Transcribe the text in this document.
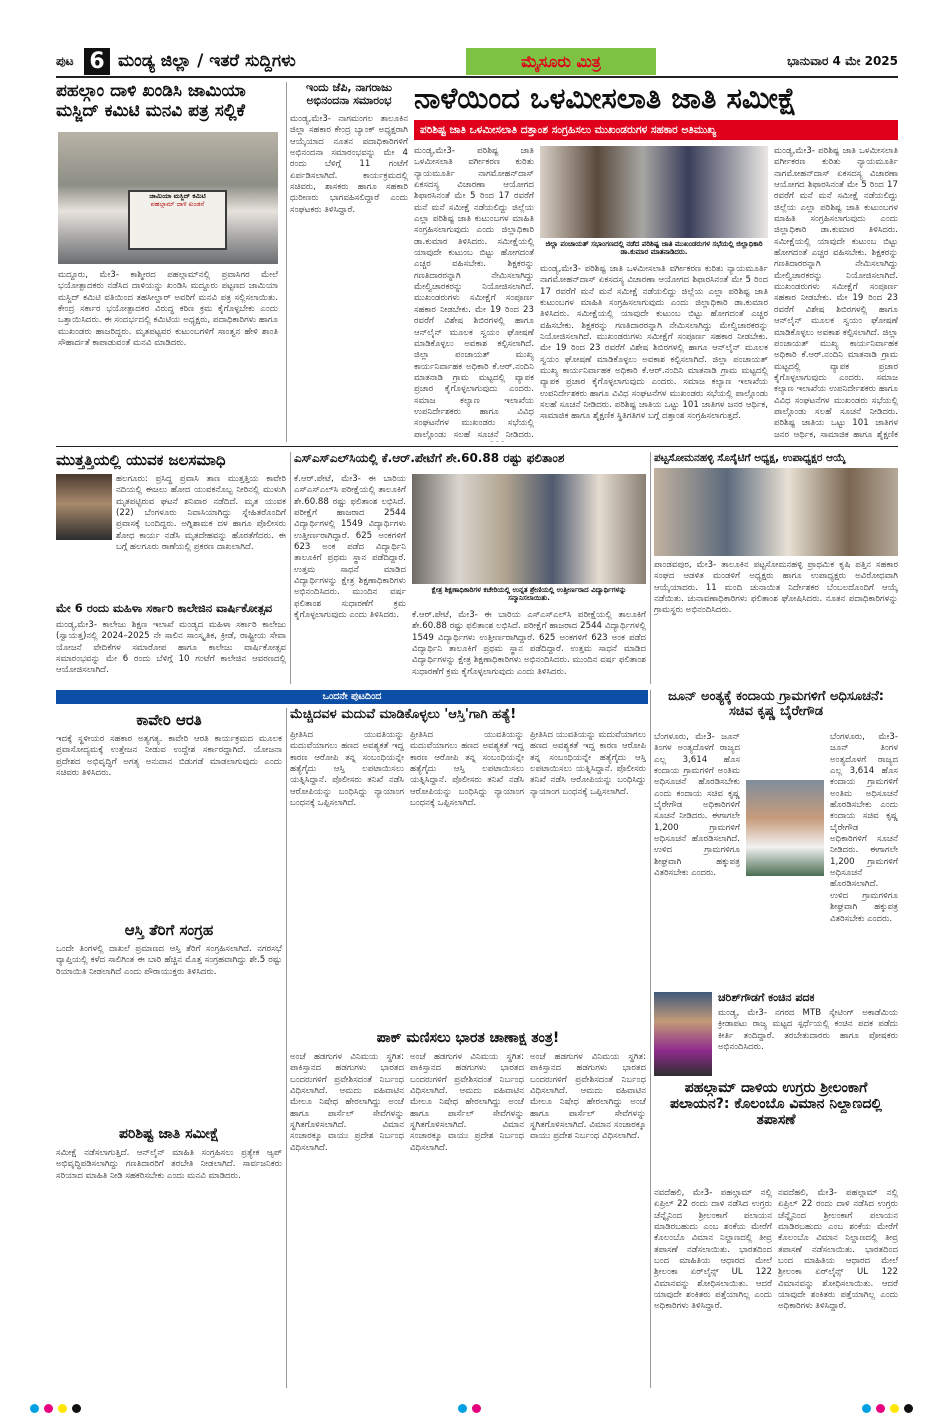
ಪುಟ 6 ಮಂಡ್ಯ ಜಿಲ್ಲಾ / ಇತರೆ ಸುದ್ದಿಗಳು	ಮೈಸೂರು ಮಿತ್ರ	ಭಾನುವಾರ 4 ಮೇ 2025
ಪಹಲ್ಗಾಂ ದಾಳಿ ಖಂಡಿಸಿ ಜಾಮಿಯಾ ಮಸ್ಜಿದ್ ಕಮಿಟಿ ಮನವಿ ಪತ್ರ ಸಲ್ಲಿಕೆ
ಜಾಮಿಯಾ ಮಸ್ಜಿದ್ ಕಮಿಟಿ
ಪಹಲ್ಗಾಮ್ ದಾಳಿ ಖಂಡನೆ
ಮದ್ದೂರು, ಮೇ3- ಕಾಶ್ಮೀರದ ಪಹಲ್ಗಾಮ್‌ನಲ್ಲಿ ಪ್ರವಾಸಿಗರ ಮೇಲೆ ಭಯೋತ್ಪಾದಕರು ನಡೆಸಿದ ದಾಳಿಯನ್ನು ಖಂಡಿಸಿ ಮದ್ದೂರು ಪಟ್ಟಣದ ಜಾಮಿಯಾ ಮಸ್ಜಿದ್ ಕಮಿಟಿ ವತಿಯಿಂದ ತಹಸೀಲ್ದಾರ್ ಅವರಿಗೆ ಮನವಿ ಪತ್ರ ಸಲ್ಲಿಸಲಾಯಿತು. ಕೇಂದ್ರ ಸರ್ಕಾರ ಭಯೋತ್ಪಾದಕರ ವಿರುದ್ಧ ಕಠಿಣ ಕ್ರಮ ಕೈಗೊಳ್ಳಬೇಕು ಎಂದು ಒತ್ತಾಯಿಸಿದರು. ಈ ಸಂದರ್ಭದಲ್ಲಿ ಕಮಿಟಿಯ ಅಧ್ಯಕ್ಷರು, ಪದಾಧಿಕಾರಿಗಳು ಹಾಗೂ ಮುಖಂಡರು ಹಾಜರಿದ್ದರು. ಮೃತಪಟ್ಟವರ ಕುಟುಂಬಗಳಿಗೆ ಸಾಂತ್ವನ ಹೇಳಿ ಶಾಂತಿ ಸೌಹಾರ್ದತೆ ಕಾಪಾಡುವಂತೆ ಮನವಿ ಮಾಡಿದರು.
ಇಂದು ಜೆಪಿ, ನಾಗರಾಜು ಅಭಿನಂದನಾ ಸಮಾರಂಭ
ಮಂಡ್ಯ,ಮೇ3- ನಾಗಮಂಗಲ ತಾಲೂಕಿನ ಜಿಲ್ಲಾ ಸಹಕಾರ ಕೇಂದ್ರ ಬ್ಯಾಂಕ್ ಅಧ್ಯಕ್ಷರಾಗಿ ಆಯ್ಕೆಯಾದ ನೂತನ ಪದಾಧಿಕಾರಿಗಳಿಗೆ ಅಭಿನಂದನಾ ಸಮಾರಂಭವನ್ನು ಮೇ 4 ರಂದು ಬೆಳಿಗ್ಗೆ 11 ಗಂಟೆಗೆ ಏರ್ಪಡಿಸಲಾಗಿದೆ. ಕಾರ್ಯಕ್ರಮದಲ್ಲಿ ಸಚಿವರು, ಶಾಸಕರು ಹಾಗೂ ಸಹಕಾರಿ ಧುರೀಣರು ಭಾಗವಹಿಸಲಿದ್ದಾರೆ ಎಂದು ಸಂಘಟಕರು ತಿಳಿಸಿದ್ದಾರೆ.
ನಾಳೆಯಿಂದ ಒಳಮೀಸಲಾತಿ ಜಾತಿ ಸಮೀಕ್ಷೆ
ಪರಿಶಿಷ್ಟ ಜಾತಿ ಒಳಮೀಸಲಾತಿ ದತ್ತಾಂಶ ಸಂಗ್ರಹಿಸಲು ಮುಖಂಡರುಗಳ ಸಹಕಾರ ಅತಿಮುಖ್ಯ
ಮಂಡ್ಯ,ಮೇ3- ಪರಿಶಿಷ್ಟ ಜಾತಿ ಒಳಮೀಸಲಾತಿ ವರ್ಗೀಕರಣ ಕುರಿತು ನ್ಯಾಯಮೂರ್ತಿ ನಾಗಮೋಹನ್‌ದಾಸ್ ಏಕಸದಸ್ಯ ವಿಚಾರಣಾ ಆಯೋಗದ ಶಿಫಾರಸಿನಂತೆ ಮೇ 5 ರಿಂದ 17 ರವರೆಗೆ ಮನೆ ಮನೆ ಸಮೀಕ್ಷೆ ನಡೆಯಲಿದ್ದು ಜಿಲ್ಲೆಯ ಎಲ್ಲಾ ಪರಿಶಿಷ್ಟ ಜಾತಿ ಕುಟುಂಬಗಳ ಮಾಹಿತಿ ಸಂಗ್ರಹಿಸಲಾಗುವುದು ಎಂದು ಜಿಲ್ಲಾಧಿಕಾರಿ ಡಾ.ಕುಮಾರ ತಿಳಿಸಿದರು. ಸಮೀಕ್ಷೆಯಲ್ಲಿ ಯಾವುದೇ ಕುಟುಂಬ ಬಿಟ್ಟು ಹೋಗದಂತೆ ಎಚ್ಚರ ವಹಿಸಬೇಕು. ಶಿಕ್ಷಕರನ್ನು ಗಣತಿದಾರರನ್ನಾಗಿ ನೇಮಿಸಲಾಗಿದ್ದು ಮೇಲ್ವಿಚಾರಕರನ್ನು ನಿಯೋಜಿಸಲಾಗಿದೆ. ಮುಖಂಡರುಗಳು ಸಮೀಕ್ಷೆಗೆ ಸಂಪೂರ್ಣ ಸಹಕಾರ ನೀಡಬೇಕು. ಮೇ 19 ರಿಂದ 23 ರವರೆಗೆ ವಿಶೇಷ ಶಿಬಿರಗಳಲ್ಲಿ ಹಾಗೂ ಆನ್‌ಲೈನ್ ಮೂಲಕ ಸ್ವಯಂ ಘೋಷಣೆ ಮಾಡಿಕೊಳ್ಳಲು ಅವಕಾಶ ಕಲ್ಪಿಸಲಾಗಿದೆ. ಜಿಲ್ಲಾ ಪಂಚಾಯತ್ ಮುಖ್ಯ ಕಾರ್ಯನಿರ್ವಾಹಕ ಅಧಿಕಾರಿ ಕೆ.ಆರ್.ನಂದಿನಿ ಮಾತನಾಡಿ ಗ್ರಾಮ ಮಟ್ಟದಲ್ಲಿ ವ್ಯಾಪಕ ಪ್ರಚಾರ ಕೈಗೊಳ್ಳಲಾಗುವುದು ಎಂದರು. ಸಮಾಜ ಕಲ್ಯಾಣ ಇಲಾಖೆಯ ಉಪನಿರ್ದೇಶಕರು ಹಾಗೂ ವಿವಿಧ ಸಂಘಟನೆಗಳ ಮುಖಂಡರು ಸಭೆಯಲ್ಲಿ ಪಾಲ್ಗೊಂಡು ಸಲಹೆ ಸೂಚನೆ ನೀಡಿದರು.
ಜಿಲ್ಲಾ ಪಂಚಾಯತ್ ಸಭಾಂಗಣದಲ್ಲಿ ನಡೆದ ಪರಿಶಿಷ್ಟ ಜಾತಿ ಮುಖಂಡರುಗಳ ಸಭೆಯಲ್ಲಿ ಜಿಲ್ಲಾಧಿಕಾರಿ ಡಾ.ಕುಮಾರ ಮಾತನಾಡಿದರು.
ಮಂಡ್ಯ,ಮೇ3- ಪರಿಶಿಷ್ಟ ಜಾತಿ ಒಳಮೀಸಲಾತಿ ವರ್ಗೀಕರಣ ಕುರಿತು ನ್ಯಾಯಮೂರ್ತಿ ನಾಗಮೋಹನ್‌ದಾಸ್ ಏಕಸದಸ್ಯ ವಿಚಾರಣಾ ಆಯೋಗದ ಶಿಫಾರಸಿನಂತೆ ಮೇ 5 ರಿಂದ 17 ರವರೆಗೆ ಮನೆ ಮನೆ ಸಮೀಕ್ಷೆ ನಡೆಯಲಿದ್ದು ಜಿಲ್ಲೆಯ ಎಲ್ಲಾ ಪರಿಶಿಷ್ಟ ಜಾತಿ ಕುಟುಂಬಗಳ ಮಾಹಿತಿ ಸಂಗ್ರಹಿಸಲಾಗುವುದು ಎಂದು ಜಿಲ್ಲಾಧಿಕಾರಿ ಡಾ.ಕುಮಾರ ತಿಳಿಸಿದರು. ಸಮೀಕ್ಷೆಯಲ್ಲಿ ಯಾವುದೇ ಕುಟುಂಬ ಬಿಟ್ಟು ಹೋಗದಂತೆ ಎಚ್ಚರ ವಹಿಸಬೇಕು. ಶಿಕ್ಷಕರನ್ನು ಗಣತಿದಾರರನ್ನಾಗಿ ನೇಮಿಸಲಾಗಿದ್ದು ಮೇಲ್ವಿಚಾರಕರನ್ನು ನಿಯೋಜಿಸಲಾಗಿದೆ. ಮುಖಂಡರುಗಳು ಸಮೀಕ್ಷೆಗೆ ಸಂಪೂರ್ಣ ಸಹಕಾರ ನೀಡಬೇಕು. ಮೇ 19 ರಿಂದ 23 ರವರೆಗೆ ವಿಶೇಷ ಶಿಬಿರಗಳಲ್ಲಿ ಹಾಗೂ ಆನ್‌ಲೈನ್ ಮೂಲಕ ಸ್ವಯಂ ಘೋಷಣೆ ಮಾಡಿಕೊಳ್ಳಲು ಅವಕಾಶ ಕಲ್ಪಿಸಲಾಗಿದೆ. ಜಿಲ್ಲಾ ಪಂಚಾಯತ್ ಮುಖ್ಯ ಕಾರ್ಯನಿರ್ವಾಹಕ ಅಧಿಕಾರಿ ಕೆ.ಆರ್.ನಂದಿನಿ ಮಾತನಾಡಿ ಗ್ರಾಮ ಮಟ್ಟದಲ್ಲಿ ವ್ಯಾಪಕ ಪ್ರಚಾರ ಕೈಗೊಳ್ಳಲಾಗುವುದು ಎಂದರು. ಸಮಾಜ ಕಲ್ಯಾಣ ಇಲಾಖೆಯ ಉಪನಿರ್ದೇಶಕರು ಹಾಗೂ ವಿವಿಧ ಸಂಘಟನೆಗಳ ಮುಖಂಡರು ಸಭೆಯಲ್ಲಿ ಪಾಲ್ಗೊಂಡು ಸಲಹೆ ಸೂಚನೆ ನೀಡಿದರು. ಪರಿಶಿಷ್ಟ ಜಾತಿಯ ಒಟ್ಟು 101 ಜಾತಿಗಳ ಜನರ ಆರ್ಥಿಕ, ಸಾಮಾಜಿಕ ಹಾಗೂ ಶೈಕ್ಷಣಿಕ ಸ್ಥಿತಿಗತಿಗಳ ಬಗ್ಗೆ ದತ್ತಾಂಶ ಸಂಗ್ರಹಿಸಲಾಗುತ್ತದೆ.
ಮಂಡ್ಯ,ಮೇ3- ಪರಿಶಿಷ್ಟ ಜಾತಿ ಒಳಮೀಸಲಾತಿ ವರ್ಗೀಕರಣ ಕುರಿತು ನ್ಯಾಯಮೂರ್ತಿ ನಾಗಮೋಹನ್‌ದಾಸ್ ಏಕಸದಸ್ಯ ವಿಚಾರಣಾ ಆಯೋಗದ ಶಿಫಾರಸಿನಂತೆ ಮೇ 5 ರಿಂದ 17 ರವರೆಗೆ ಮನೆ ಮನೆ ಸಮೀಕ್ಷೆ ನಡೆಯಲಿದ್ದು ಜಿಲ್ಲೆಯ ಎಲ್ಲಾ ಪರಿಶಿಷ್ಟ ಜಾತಿ ಕುಟುಂಬಗಳ ಮಾಹಿತಿ ಸಂಗ್ರಹಿಸಲಾಗುವುದು ಎಂದು ಜಿಲ್ಲಾಧಿಕಾರಿ ಡಾ.ಕುಮಾರ ತಿಳಿಸಿದರು. ಸಮೀಕ್ಷೆಯಲ್ಲಿ ಯಾವುದೇ ಕುಟುಂಬ ಬಿಟ್ಟು ಹೋಗದಂತೆ ಎಚ್ಚರ ವಹಿಸಬೇಕು. ಶಿಕ್ಷಕರನ್ನು ಗಣತಿದಾರರನ್ನಾಗಿ ನೇಮಿಸಲಾಗಿದ್ದು ಮೇಲ್ವಿಚಾರಕರನ್ನು ನಿಯೋಜಿಸಲಾಗಿದೆ. ಮುಖಂಡರುಗಳು ಸಮೀಕ್ಷೆಗೆ ಸಂಪೂರ್ಣ ಸಹಕಾರ ನೀಡಬೇಕು. ಮೇ 19 ರಿಂದ 23 ರವರೆಗೆ ವಿಶೇಷ ಶಿಬಿರಗಳಲ್ಲಿ ಹಾಗೂ ಆನ್‌ಲೈನ್ ಮೂಲಕ ಸ್ವಯಂ ಘೋಷಣೆ ಮಾಡಿಕೊಳ್ಳಲು ಅವಕಾಶ ಕಲ್ಪಿಸಲಾಗಿದೆ. ಜಿಲ್ಲಾ ಪಂಚಾಯತ್ ಮುಖ್ಯ ಕಾರ್ಯನಿರ್ವಾಹಕ ಅಧಿಕಾರಿ ಕೆ.ಆರ್.ನಂದಿನಿ ಮಾತನಾಡಿ ಗ್ರಾಮ ಮಟ್ಟದಲ್ಲಿ ವ್ಯಾಪಕ ಪ್ರಚಾರ ಕೈಗೊಳ್ಳಲಾಗುವುದು ಎಂದರು. ಸಮಾಜ ಕಲ್ಯಾಣ ಇಲಾಖೆಯ ಉಪನಿರ್ದೇಶಕರು ಹಾಗೂ ವಿವಿಧ ಸಂಘಟನೆಗಳ ಮುಖಂಡರು ಸಭೆಯಲ್ಲಿ ಪಾಲ್ಗೊಂಡು ಸಲಹೆ ಸೂಚನೆ ನೀಡಿದರು. ಪರಿಶಿಷ್ಟ ಜಾತಿಯ ಒಟ್ಟು 101 ಜಾತಿಗಳ ಜನರ ಆರ್ಥಿಕ, ಸಾಮಾಜಿಕ ಹಾಗೂ ಶೈಕ್ಷಣಿಕ
ಮುತ್ತತ್ತಿಯಲ್ಲಿ ಯುವಕ ಜಲಸಮಾಧಿ
ಹಲಗೂರು: ಪ್ರಸಿದ್ಧ ಪ್ರವಾಸಿ ತಾಣ ಮುತ್ತತ್ತಿಯ ಕಾವೇರಿ ನದಿಯಲ್ಲಿ ಈಜಲು ಹೋದ ಯುವಕನೊಬ್ಬ ನೀರಿನಲ್ಲಿ ಮುಳುಗಿ ಮೃತಪಟ್ಟಿರುವ ಘಟನೆ ಶನಿವಾರ ನಡೆದಿದೆ. ಮೃತ ಯುವಕ (22) ಬೆಂಗಳೂರು ನಿವಾಸಿಯಾಗಿದ್ದು ಸ್ನೇಹಿತರೊಂದಿಗೆ ಪ್ರವಾಸಕ್ಕೆ ಬಂದಿದ್ದರು. ಅಗ್ನಿಶಾಮಕ ದಳ ಹಾಗೂ ಪೊಲೀಸರು ಶೋಧ ಕಾರ್ಯ ನಡೆಸಿ ಮೃತದೇಹವನ್ನು ಹೊರತೆಗೆದರು. ಈ ಬಗ್ಗೆ ಹಲಗೂರು ಠಾಣೆಯಲ್ಲಿ ಪ್ರಕರಣ ದಾಖಲಾಗಿದೆ.
ಮೇ 6 ರಂದು ಮಹಿಳಾ ಸರ್ಕಾರಿ ಕಾಲೇಜಿನ ವಾರ್ಷಿಕೋತ್ಸವ
ಮಂಡ್ಯ,ಮೇ3- ಕಾಲೇಜು ಶಿಕ್ಷಣ ಇಲಾಖೆ ಮಂಡ್ಯದ ಮಹಿಳಾ ಸರ್ಕಾರಿ ಕಾಲೇಜು (ಸ್ವಾಯತ್ತ)ನಲ್ಲಿ 2024–2025 ನೇ ಸಾಲಿನ ಸಾಂಸ್ಕೃತಿಕ, ಕ್ರೀಡೆ, ರಾಷ್ಟ್ರೀಯ ಸೇವಾ ಯೋಜನೆ ವೇದಿಕೆಗಳ ಸಮಾರೋಪ ಹಾಗೂ ಕಾಲೇಜು ವಾರ್ಷಿಕೋತ್ಸವ ಸಮಾರಂಭವನ್ನು ಮೇ 6 ರಂದು ಬೆಳಿಗ್ಗೆ 10 ಗಂಟೆಗೆ ಕಾಲೇಜಿನ ಆವರಣದಲ್ಲಿ ಆಯೋಜಿಸಲಾಗಿದೆ.
ಎಸ್‌ಎಸ್‌ಎಲ್‌ಸಿಯಲ್ಲಿ ಕೆ.ಆರ್.ಪೇಟೆಗೆ ಶೇ.60.88 ರಷ್ಟು ಫಲಿತಾಂಶ
ಕೆ.ಆರ್.ಪೇಟೆ, ಮೇ3- ಈ ಬಾರಿಯ ಎಸ್‌ಎಸ್‌ಎಲ್‌ಸಿ ಪರೀಕ್ಷೆಯಲ್ಲಿ ತಾಲೂಕಿಗೆ ಶೇ.60.88 ರಷ್ಟು ಫಲಿತಾಂಶ ಲಭಿಸಿದೆ. ಪರೀಕ್ಷೆಗೆ ಹಾಜರಾದ 2544 ವಿದ್ಯಾರ್ಥಿಗಳಲ್ಲಿ 1549 ವಿದ್ಯಾರ್ಥಿಗಳು ಉತ್ತೀರ್ಣರಾಗಿದ್ದಾರೆ. 625 ಅಂಕಗಳಿಗೆ 623 ಅಂಕ ಪಡೆದ ವಿದ್ಯಾರ್ಥಿನಿ ತಾಲೂಕಿಗೆ ಪ್ರಥಮ ಸ್ಥಾನ ಪಡೆದಿದ್ದಾರೆ. ಉತ್ತಮ ಸಾಧನೆ ಮಾಡಿದ ವಿದ್ಯಾರ್ಥಿಗಳನ್ನು ಕ್ಷೇತ್ರ ಶಿಕ್ಷಣಾಧಿಕಾರಿಗಳು ಅಭಿನಂದಿಸಿದರು. ಮುಂದಿನ ವರ್ಷ ಫಲಿತಾಂಶ ಸುಧಾರಣೆಗೆ ಕ್ರಮ ಕೈಗೊಳ್ಳಲಾಗುವುದು ಎಂದು ತಿಳಿಸಿದರು.
ಕ್ಷೇತ್ರ ಶಿಕ್ಷಣಾಧಿಕಾರಿಗಳ ಕಚೇರಿಯಲ್ಲಿ ಉನ್ನತ ಶ್ರೇಣಿಯಲ್ಲಿ ಉತ್ತೀರ್ಣರಾದ ವಿದ್ಯಾರ್ಥಿಗಳನ್ನು ಸನ್ಮಾನಿಸಲಾಯಿತು.
ಕೆ.ಆರ್.ಪೇಟೆ, ಮೇ3- ಈ ಬಾರಿಯ ಎಸ್‌ಎಸ್‌ಎಲ್‌ಸಿ ಪರೀಕ್ಷೆಯಲ್ಲಿ ತಾಲೂಕಿಗೆ ಶೇ.60.88 ರಷ್ಟು ಫಲಿತಾಂಶ ಲಭಿಸಿದೆ. ಪರೀಕ್ಷೆಗೆ ಹಾಜರಾದ 2544 ವಿದ್ಯಾರ್ಥಿಗಳಲ್ಲಿ 1549 ವಿದ್ಯಾರ್ಥಿಗಳು ಉತ್ತೀರ್ಣರಾಗಿದ್ದಾರೆ. 625 ಅಂಕಗಳಿಗೆ 623 ಅಂಕ ಪಡೆದ ವಿದ್ಯಾರ್ಥಿನಿ ತಾಲೂಕಿಗೆ ಪ್ರಥಮ ಸ್ಥಾನ ಪಡೆದಿದ್ದಾರೆ. ಉತ್ತಮ ಸಾಧನೆ ಮಾಡಿದ ವಿದ್ಯಾರ್ಥಿಗಳನ್ನು ಕ್ಷೇತ್ರ ಶಿಕ್ಷಣಾಧಿಕಾರಿಗಳು ಅಭಿನಂದಿಸಿದರು. ಮುಂದಿನ ವರ್ಷ ಫಲಿತಾಂಶ ಸುಧಾರಣೆಗೆ ಕ್ರಮ ಕೈಗೊಳ್ಳಲಾಗುವುದು ಎಂದು ತಿಳಿಸಿದರು.
ಪಟ್ಟಸೋಮನಹಳ್ಳಿ ಸೊಸೈಟಿಗೆ ಅಧ್ಯಕ್ಷ, ಉಪಾಧ್ಯಕ್ಷರ ಆಯ್ಕೆ
ಪಾಂಡವಪುರ, ಮೇ3- ತಾಲೂಕಿನ ಪಟ್ಟಸೋಮನಹಳ್ಳಿ ಪ್ರಾಥಮಿಕ ಕೃಷಿ ಪತ್ತಿನ ಸಹಕಾರ ಸಂಘದ ಆಡಳಿತ ಮಂಡಳಿಗೆ ಅಧ್ಯಕ್ಷರು ಹಾಗೂ ಉಪಾಧ್ಯಕ್ಷರು ಅವಿರೋಧವಾಗಿ ಆಯ್ಕೆಯಾದರು. 11 ಮಂದಿ ಚುನಾಯಿತ ನಿರ್ದೇಶಕರ ಬೆಂಬಲದೊಂದಿಗೆ ಆಯ್ಕೆ ನಡೆಯಿತು. ಚುನಾವಣಾಧಿಕಾರಿಗಳು ಫಲಿತಾಂಶ ಘೋಷಿಸಿದರು. ನೂತನ ಪದಾಧಿಕಾರಿಗಳನ್ನು ಗ್ರಾಮಸ್ಥರು ಅಭಿನಂದಿಸಿದರು.
ಒಂದನೇ ಪುಟದಿಂದ
ಕಾವೇರಿ ಆರತಿ
ಇದಕ್ಕೆ ಸ್ಥಳೀಯರ ಸಹಕಾರ ಅತ್ಯಗತ್ಯ. ಕಾವೇರಿ ಆರತಿ ಕಾರ್ಯಕ್ರಮದ ಮೂಲಕ ಪ್ರವಾಸೋದ್ಯಮಕ್ಕೆ ಉತ್ತೇಜನ ನೀಡುವ ಉದ್ದೇಶ ಸರ್ಕಾರದ್ದಾಗಿದೆ. ಯೋಜನಾ ಪ್ರದೇಶದ ಅಭಿವೃದ್ಧಿಗೆ ಅಗತ್ಯ ಅನುದಾನ ಬಿಡುಗಡೆ ಮಾಡಲಾಗುವುದು ಎಂದು ಸಚಿವರು ತಿಳಿಸಿದರು.
ಆಸ್ತಿ ತೆರಿಗೆ ಸಂಗ್ರಹ
ಒಂದೇ ತಿಂಗಳಲ್ಲಿ ದಾಖಲೆ ಪ್ರಮಾಣದ ಆಸ್ತಿ ತೆರಿಗೆ ಸಂಗ್ರಹಿಸಲಾಗಿದೆ. ನಗರಸಭೆ ವ್ಯಾಪ್ತಿಯಲ್ಲಿ ಕಳೆದ ಸಾಲಿಗಿಂತ ಈ ಬಾರಿ ಹೆಚ್ಚಿನ ಮೊತ್ತ ಸಂಗ್ರಹವಾಗಿದ್ದು ಶೇ.5 ರಷ್ಟು ರಿಯಾಯಿತಿ ನೀಡಲಾಗಿದೆ ಎಂದು ಪೌರಾಯುಕ್ತರು ತಿಳಿಸಿದರು.
ಪರಿಶಿಷ್ಟ ಜಾತಿ ಸಮೀಕ್ಷೆ
ಸಮೀಕ್ಷೆ ನಡೆಸಲಾಗುತ್ತಿದೆ. ಆನ್‌ಲೈನ್ ಮಾಹಿತಿ ಸಂಗ್ರಹಿಸಲು ಪ್ರತ್ಯೇಕ ಆ್ಯಪ್ ಅಭಿವೃದ್ಧಿಪಡಿಸಲಾಗಿದ್ದು ಗಣತಿದಾರರಿಗೆ ತರಬೇತಿ ನೀಡಲಾಗಿದೆ. ಸಾರ್ವಜನಿಕರು ಸರಿಯಾದ ಮಾಹಿತಿ ನೀಡಿ ಸಹಕರಿಸಬೇಕು ಎಂದು ಮನವಿ ಮಾಡಿದರು.
ಮೆಚ್ಚಿದವಳ ಮದುವೆ ಮಾಡಿಕೊಳ್ಳಲು 'ಆಸ್ತಿ'ಗಾಗಿ ಹತ್ಯೆ!
ಪ್ರೀತಿಸಿದ ಯುವತಿಯನ್ನು ಮದುವೆಯಾಗಲು ಹಣದ ಅವಶ್ಯಕತೆ ಇದ್ದ ಕಾರಣ ಆರೋಪಿ ತನ್ನ ಸಂಬಂಧಿಯನ್ನೇ ಹತ್ಯೆಗೈದು ಆಸ್ತಿ ಲಪಟಾಯಿಸಲು ಯತ್ನಿಸಿದ್ದಾನೆ. ಪೊಲೀಸರು ತನಿಖೆ ನಡೆಸಿ ಆರೋಪಿಯನ್ನು ಬಂಧಿಸಿದ್ದು ನ್ಯಾಯಾಂಗ ಬಂಧನಕ್ಕೆ ಒಪ್ಪಿಸಲಾಗಿದೆ.
ಪ್ರೀತಿಸಿದ ಯುವತಿಯನ್ನು ಮದುವೆಯಾಗಲು ಹಣದ ಅವಶ್ಯಕತೆ ಇದ್ದ ಕಾರಣ ಆರೋಪಿ ತನ್ನ ಸಂಬಂಧಿಯನ್ನೇ ಹತ್ಯೆಗೈದು ಆಸ್ತಿ ಲಪಟಾಯಿಸಲು ಯತ್ನಿಸಿದ್ದಾನೆ. ಪೊಲೀಸರು ತನಿಖೆ ನಡೆಸಿ ಆರೋಪಿಯನ್ನು ಬಂಧಿಸಿದ್ದು ನ್ಯಾಯಾಂಗ ಬಂಧನಕ್ಕೆ ಒಪ್ಪಿಸಲಾಗಿದೆ.
ಪ್ರೀತಿಸಿದ ಯುವತಿಯನ್ನು ಮದುವೆಯಾಗಲು ಹಣದ ಅವಶ್ಯಕತೆ ಇದ್ದ ಕಾರಣ ಆರೋಪಿ ತನ್ನ ಸಂಬಂಧಿಯನ್ನೇ ಹತ್ಯೆಗೈದು ಆಸ್ತಿ ಲಪಟಾಯಿಸಲು ಯತ್ನಿಸಿದ್ದಾನೆ. ಪೊಲೀಸರು ತನಿಖೆ ನಡೆಸಿ ಆರೋಪಿಯನ್ನು ಬಂಧಿಸಿದ್ದು ನ್ಯಾಯಾಂಗ ಬಂಧನಕ್ಕೆ ಒಪ್ಪಿಸಲಾಗಿದೆ.
ಪಾಕ್ ಮಣಿಸಲು ಭಾರತ ಚಾಣಾಕ್ಷ ತಂತ್ರ!
ಅಂಚೆ ಹಡಗುಗಳ ವಿನಿಮಯ ಸ್ಥಗಿತ: ಪಾಕಿಸ್ತಾನದ ಹಡಗುಗಳು ಭಾರತದ ಬಂದರುಗಳಿಗೆ ಪ್ರವೇಶಿಸದಂತೆ ನಿರ್ಬಂಧ ವಿಧಿಸಲಾಗಿದೆ. ಆಮದು ವಹಿವಾಟಿನ ಮೇಲೂ ನಿಷೇಧ ಹೇರಲಾಗಿದ್ದು ಅಂಚೆ ಹಾಗೂ ಪಾರ್ಸೆಲ್ ಸೇವೆಗಳನ್ನು ಸ್ಥಗಿತಗೊಳಿಸಲಾಗಿದೆ. ವಿಮಾನ ಸಂಚಾರಕ್ಕೂ ವಾಯು ಪ್ರದೇಶ ನಿರ್ಬಂಧ ವಿಧಿಸಲಾಗಿದೆ.
ಅಂಚೆ ಹಡಗುಗಳ ವಿನಿಮಯ ಸ್ಥಗಿತ: ಪಾಕಿಸ್ತಾನದ ಹಡಗುಗಳು ಭಾರತದ ಬಂದರುಗಳಿಗೆ ಪ್ರವೇಶಿಸದಂತೆ ನಿರ್ಬಂಧ ವಿಧಿಸಲಾಗಿದೆ. ಆಮದು ವಹಿವಾಟಿನ ಮೇಲೂ ನಿಷೇಧ ಹೇರಲಾಗಿದ್ದು ಅಂಚೆ ಹಾಗೂ ಪಾರ್ಸೆಲ್ ಸೇವೆಗಳನ್ನು ಸ್ಥಗಿತಗೊಳಿಸಲಾಗಿದೆ. ವಿಮಾನ ಸಂಚಾರಕ್ಕೂ ವಾಯು ಪ್ರದೇಶ ನಿರ್ಬಂಧ ವಿಧಿಸಲಾಗಿದೆ.
ಅಂಚೆ ಹಡಗುಗಳ ವಿನಿಮಯ ಸ್ಥಗಿತ: ಪಾಕಿಸ್ತಾನದ ಹಡಗುಗಳು ಭಾರತದ ಬಂದರುಗಳಿಗೆ ಪ್ರವೇಶಿಸದಂತೆ ನಿರ್ಬಂಧ ವಿಧಿಸಲಾಗಿದೆ. ಆಮದು ವಹಿವಾಟಿನ ಮೇಲೂ ನಿಷೇಧ ಹೇರಲಾಗಿದ್ದು ಅಂಚೆ ಹಾಗೂ ಪಾರ್ಸೆಲ್ ಸೇವೆಗಳನ್ನು ಸ್ಥಗಿತಗೊಳಿಸಲಾಗಿದೆ. ವಿಮಾನ ಸಂಚಾರಕ್ಕೂ ವಾಯು ಪ್ರದೇಶ ನಿರ್ಬಂಧ ವಿಧಿಸಲಾಗಿದೆ.
ಜೂನ್ ಅಂತ್ಯಕ್ಕೆ ಕಂದಾಯ ಗ್ರಾಮಗಳಿಗೆ ಅಧಿಸೂಚನೆ: ಸಚಿವ ಕೃಷ್ಣ ಬೈರೇಗೌಡ
ಬೆಂಗಳೂರು, ಮೇ3- ಜೂನ್ ತಿಂಗಳ ಅಂತ್ಯದೊಳಗೆ ರಾಜ್ಯದ ಎಲ್ಲ 3,614 ಹೊಸ ಕಂದಾಯ ಗ್ರಾಮಗಳಿಗೆ ಅಂತಿಮ ಅಧಿಸೂಚನೆ ಹೊರಡಿಸಬೇಕು ಎಂದು ಕಂದಾಯ ಸಚಿವ ಕೃಷ್ಣ ಬೈರೇಗೌಡ ಅಧಿಕಾರಿಗಳಿಗೆ ಸೂಚನೆ ನೀಡಿದರು. ಈಗಾಗಲೇ 1,200 ಗ್ರಾಮಗಳಿಗೆ ಅಧಿಸೂಚನೆ ಹೊರಡಿಸಲಾಗಿದೆ. ಉಳಿದ ಗ್ರಾಮಗಳಿಗೂ ಶೀಘ್ರವಾಗಿ ಹಕ್ಕುಪತ್ರ ವಿತರಿಸಬೇಕು ಎಂದರು.
ಬೆಂಗಳೂರು, ಮೇ3- ಜೂನ್ ತಿಂಗಳ ಅಂತ್ಯದೊಳಗೆ ರಾಜ್ಯದ ಎಲ್ಲ 3,614 ಹೊಸ ಕಂದಾಯ ಗ್ರಾಮಗಳಿಗೆ ಅಂತಿಮ ಅಧಿಸೂಚನೆ ಹೊರಡಿಸಬೇಕು ಎಂದು ಕಂದಾಯ ಸಚಿವ ಕೃಷ್ಣ ಬೈರೇಗೌಡ ಅಧಿಕಾರಿಗಳಿಗೆ ಸೂಚನೆ ನೀಡಿದರು. ಈಗಾಗಲೇ 1,200 ಗ್ರಾಮಗಳಿಗೆ ಅಧಿಸೂಚನೆ ಹೊರಡಿಸಲಾಗಿದೆ. ಉಳಿದ ಗ್ರಾಮಗಳಿಗೂ ಶೀಘ್ರವಾಗಿ ಹಕ್ಕುಪತ್ರ ವಿತರಿಸಬೇಕು ಎಂದರು.
ಚರಿಶ್‌ಗೌಡಗೆ ಕಂಚಿನ ಪದಕ
ಮಂಡ್ಯ, ಮೇ3- ನಗರದ MTB ಸ್ಕೇಟಿಂಗ್ ಅಕಾಡೆಮಿಯ ಕ್ರೀಡಾಪಟು ರಾಜ್ಯ ಮಟ್ಟದ ಸ್ಪರ್ಧೆಯಲ್ಲಿ ಕಂಚಿನ ಪದಕ ಪಡೆದು ಕೀರ್ತಿ ತಂದಿದ್ದಾರೆ. ತರಬೇತುದಾರರು ಹಾಗೂ ಪೋಷಕರು ಅಭಿನಂದಿಸಿದರು.
ಪಹಲ್ಗಾಮ್ ದಾಳಿಯ ಉಗ್ರರು ಶ್ರೀಲಂಕಾಗೆ ಪಲಾಯನ?: ಕೊಲಂಬೊ ವಿಮಾನ ನಿಲ್ದಾಣದಲ್ಲಿ ತಪಾಸಣೆ
ನವದೆಹಲಿ, ಮೇ3- ಪಹಲ್ಗಾಮ್ ನಲ್ಲಿ ಏಪ್ರಿಲ್ 22 ರಂದು ದಾಳಿ ನಡೆಸಿದ ಉಗ್ರರು ಚೆನ್ನೈನಿಂದ ಶ್ರೀಲಂಕಾಗೆ ಪಲಾಯನ ಮಾಡಿರಬಹುದು ಎಂಬ ಶಂಕೆಯ ಮೇರೆಗೆ ಕೊಲಂಬೊ ವಿಮಾನ ನಿಲ್ದಾಣದಲ್ಲಿ ತೀವ್ರ ತಪಾಸಣೆ ನಡೆಸಲಾಯಿತು. ಭಾರತದಿಂದ ಬಂದ ಮಾಹಿತಿಯ ಆಧಾರದ ಮೇಲೆ ಶ್ರೀಲಂಕಾ ಏರ್‌ಲೈನ್ಸ್ UL 122 ವಿಮಾನವನ್ನು ಶೋಧಿಸಲಾಯಿತು. ಆದರೆ ಯಾವುದೇ ಶಂಕಿತರು ಪತ್ತೆಯಾಗಿಲ್ಲ ಎಂದು ಅಧಿಕಾರಿಗಳು ತಿಳಿಸಿದ್ದಾರೆ.
ನವದೆಹಲಿ, ಮೇ3- ಪಹಲ್ಗಾಮ್ ನಲ್ಲಿ ಏಪ್ರಿಲ್ 22 ರಂದು ದಾಳಿ ನಡೆಸಿದ ಉಗ್ರರು ಚೆನ್ನೈನಿಂದ ಶ್ರೀಲಂಕಾಗೆ ಪಲಾಯನ ಮಾಡಿರಬಹುದು ಎಂಬ ಶಂಕೆಯ ಮೇರೆಗೆ ಕೊಲಂಬೊ ವಿಮಾನ ನಿಲ್ದಾಣದಲ್ಲಿ ತೀವ್ರ ತಪಾಸಣೆ ನಡೆಸಲಾಯಿತು. ಭಾರತದಿಂದ ಬಂದ ಮಾಹಿತಿಯ ಆಧಾರದ ಮೇಲೆ ಶ್ರೀಲಂಕಾ ಏರ್‌ಲೈನ್ಸ್ UL 122 ವಿಮಾನವನ್ನು ಶೋಧಿಸಲಾಯಿತು. ಆದರೆ ಯಾವುದೇ ಶಂಕಿತರು ಪತ್ತೆಯಾಗಿಲ್ಲ ಎಂದು ಅಧಿಕಾರಿಗಳು ತಿಳಿಸಿದ್ದಾರೆ.
